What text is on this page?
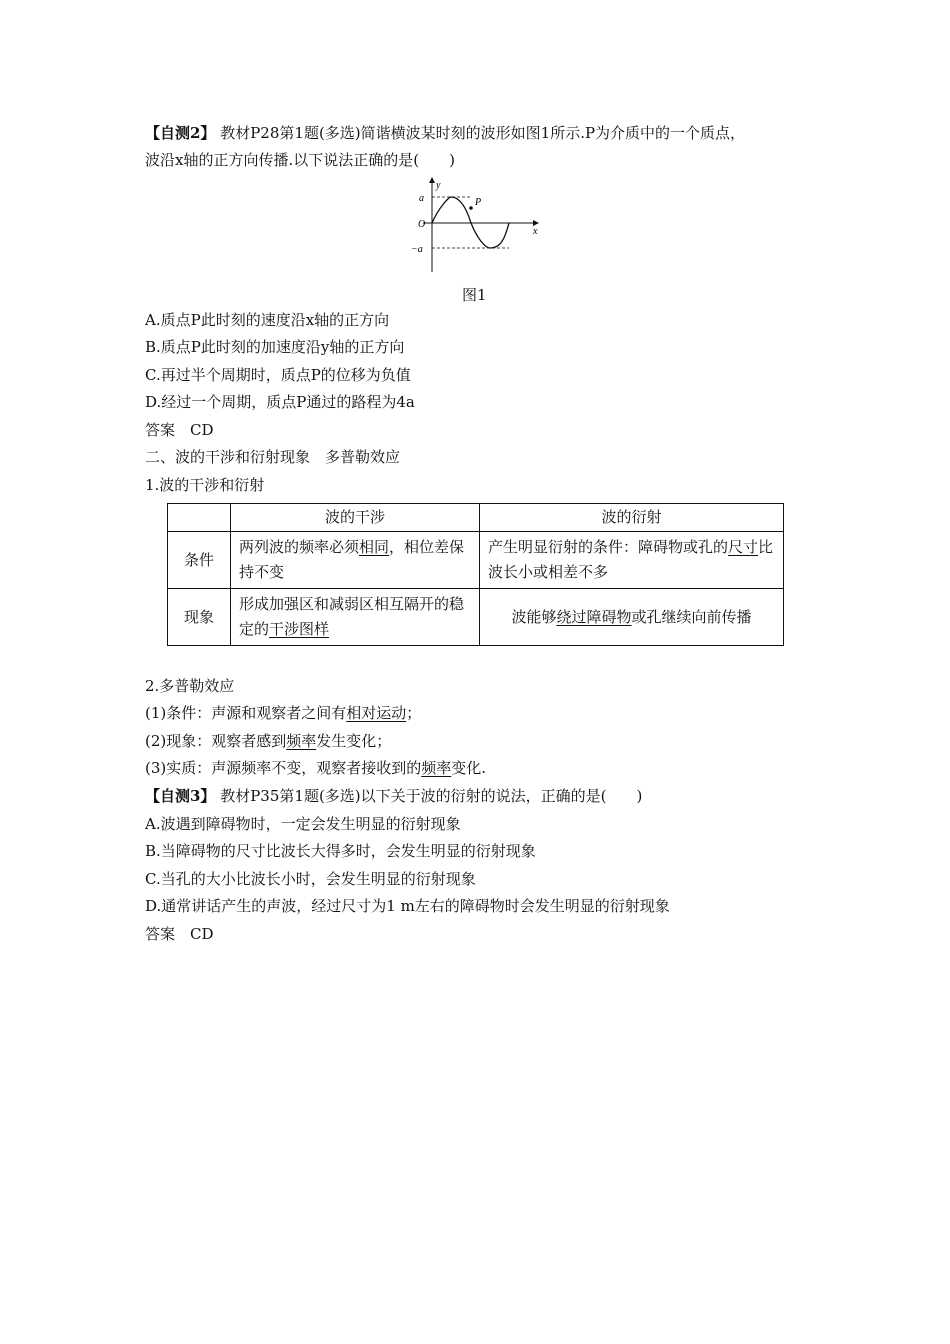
【自测2】 教材P28第1题(多选)简谐横波某时刻的波形如图1所示.P为介质中的一个质点，
波沿x轴的正方向传播.以下说法正确的是(　　)
y
x
a
O
−a
P
图1
A.质点P此时刻的速度沿x轴的正方向
B.质点P此时刻的加速度沿y轴的正方向
C.再过半个周期时，质点P的位移为负值
D.经过一个周期，质点P通过的路程为4a
答案　CD
二、波的干涉和衍射现象　多普勒效应
1.波的干涉和衍射
	波的干涉	波的衍射
条件	两列波的频率必须相同，相位差保持不变	产生明显衍射的条件：障碍物或孔的尺寸比波长小或相差不多
现象	形成加强区和减弱区相互隔开的稳定的干涉图样	波能够绕过障碍物或孔继续向前传播
2.多普勒效应
(1)条件：声源和观察者之间有相对运动；
(2)现象：观察者感到频率发生变化；
(3)实质：声源频率不变，观察者接收到的频率变化.
【自测3】 教材P35第1题(多选)以下关于波的衍射的说法，正确的是(　　)
A.波遇到障碍物时，一定会发生明显的衍射现象
B.当障碍物的尺寸比波长大得多时，会发生明显的衍射现象
C.当孔的大小比波长小时，会发生明显的衍射现象
D.通常讲话产生的声波，经过尺寸为1 m左右的障碍物时会发生明显的衍射现象
答案　CD
